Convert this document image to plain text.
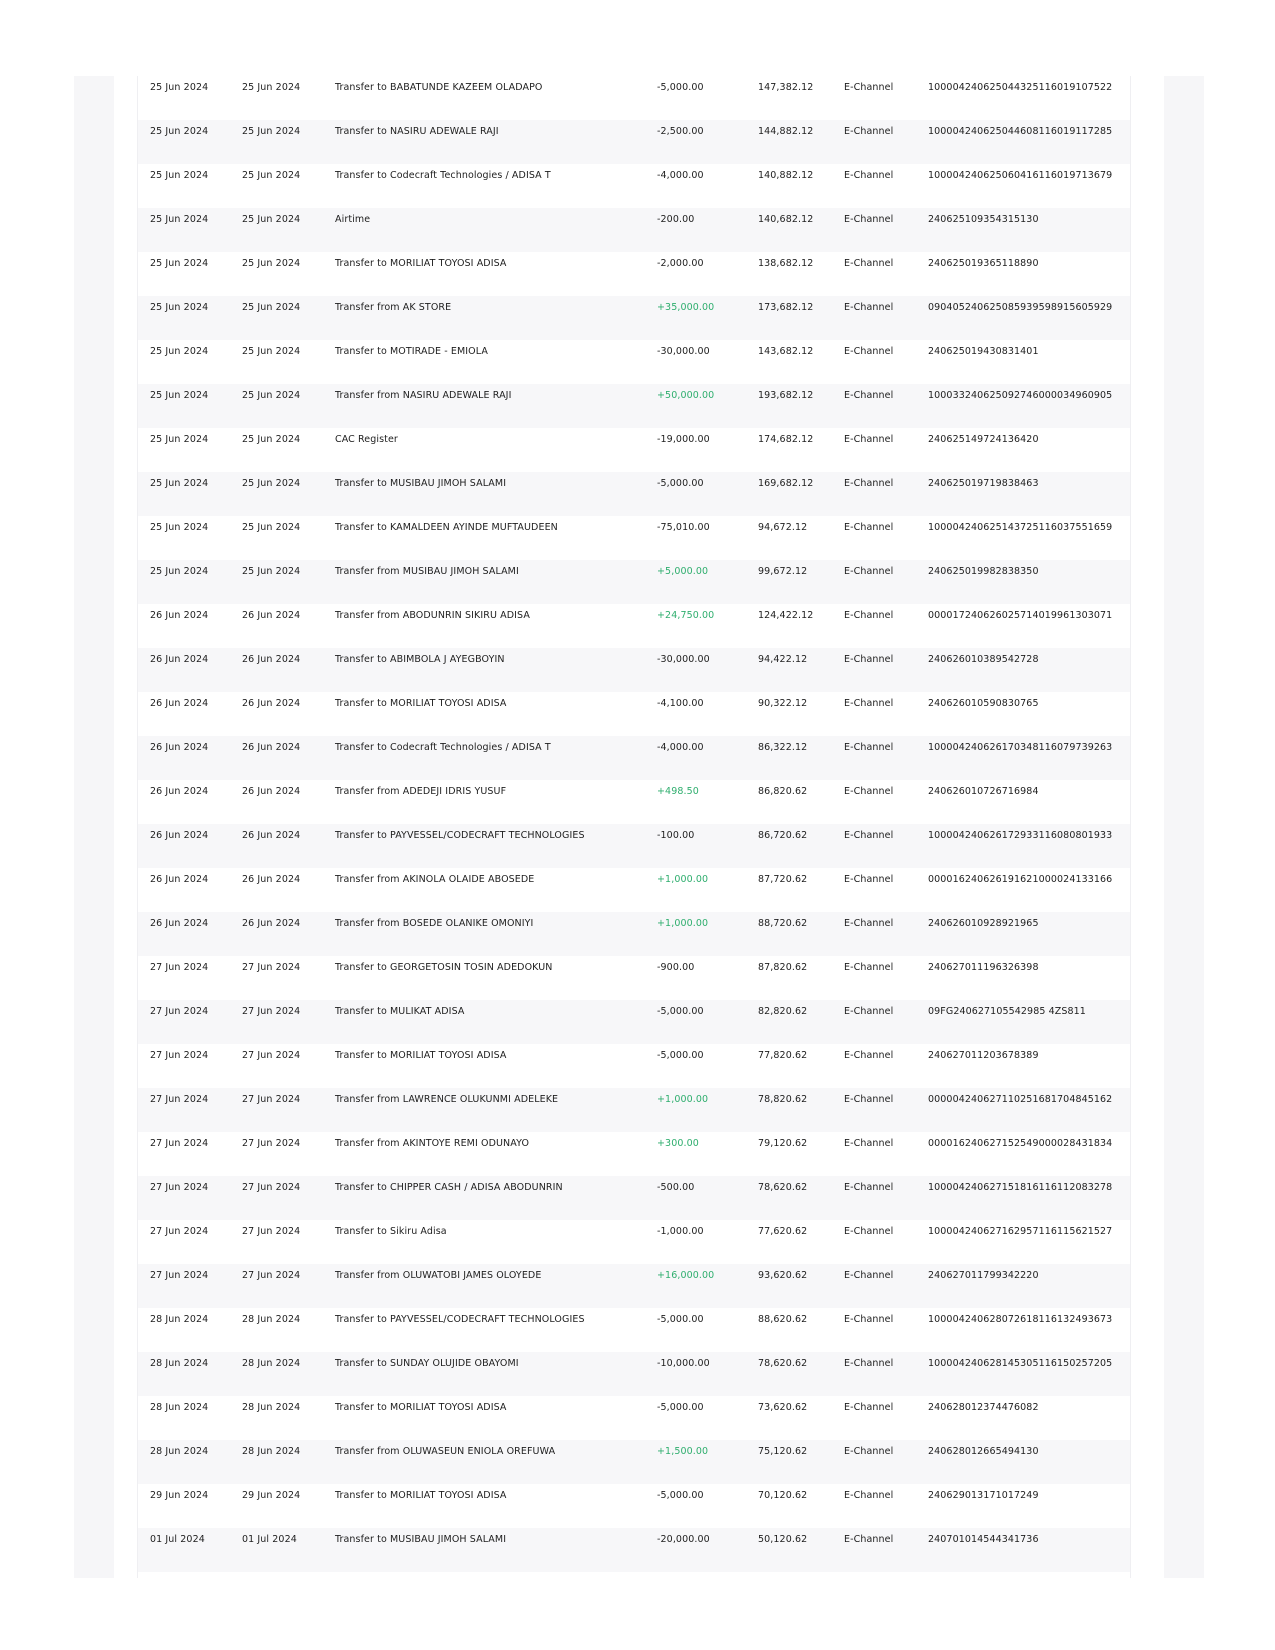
25 Jun 2024	25 Jun 2024	Transfer to BABATUNDE KAZEEM OLADAPO	-5,000.00	147,382.12	E-Channel	100004240625044325116019107522
25 Jun 2024	25 Jun 2024	Transfer to NASIRU ADEWALE RAJI	-2,500.00	144,882.12	E-Channel	100004240625044608116019117285
25 Jun 2024	25 Jun 2024	Transfer to Codecraft Technologies / ADISA T	-4,000.00	140,882.12	E-Channel	100004240625060416116019713679
25 Jun 2024	25 Jun 2024	Airtime	-200.00	140,682.12	E-Channel	240625109354315130
25 Jun 2024	25 Jun 2024	Transfer to MORILIAT TOYOSI ADISA	-2,000.00	138,682.12	E-Channel	240625019365118890
25 Jun 2024	25 Jun 2024	Transfer from AK STORE	+35,000.00	173,682.12	E-Channel	090405240625085939598915605929
25 Jun 2024	25 Jun 2024	Transfer to MOTIRADE - EMIOLA	-30,000.00	143,682.12	E-Channel	240625019430831401
25 Jun 2024	25 Jun 2024	Transfer from NASIRU ADEWALE RAJI	+50,000.00	193,682.12	E-Channel	100033240625092746000034960905
25 Jun 2024	25 Jun 2024	CAC Register	-19,000.00	174,682.12	E-Channel	240625149724136420
25 Jun 2024	25 Jun 2024	Transfer to MUSIBAU JIMOH SALAMI	-5,000.00	169,682.12	E-Channel	240625019719838463
25 Jun 2024	25 Jun 2024	Transfer to KAMALDEEN AYINDE MUFTAUDEEN	-75,010.00	94,672.12	E-Channel	100004240625143725116037551659
25 Jun 2024	25 Jun 2024	Transfer from MUSIBAU JIMOH SALAMI	+5,000.00	99,672.12	E-Channel	240625019982838350
26 Jun 2024	26 Jun 2024	Transfer from ABODUNRIN SIKIRU ADISA	+24,750.00	124,422.12	E-Channel	000017240626025714019961303071
26 Jun 2024	26 Jun 2024	Transfer to ABIMBOLA J AYEGBOYIN	-30,000.00	94,422.12	E-Channel	240626010389542728
26 Jun 2024	26 Jun 2024	Transfer to MORILIAT TOYOSI ADISA	-4,100.00	90,322.12	E-Channel	240626010590830765
26 Jun 2024	26 Jun 2024	Transfer to Codecraft Technologies / ADISA T	-4,000.00	86,322.12	E-Channel	100004240626170348116079739263
26 Jun 2024	26 Jun 2024	Transfer from ADEDEJI IDRIS YUSUF	+498.50	86,820.62	E-Channel	240626010726716984
26 Jun 2024	26 Jun 2024	Transfer to PAYVESSEL/CODECRAFT TECHNOLOGIES	-100.00	86,720.62	E-Channel	100004240626172933116080801933
26 Jun 2024	26 Jun 2024	Transfer from AKINOLA OLAIDE ABOSEDE	+1,000.00	87,720.62	E-Channel	000016240626191621000024133166
26 Jun 2024	26 Jun 2024	Transfer from BOSEDE OLANIKE OMONIYI	+1,000.00	88,720.62	E-Channel	240626010928921965
27 Jun 2024	27 Jun 2024	Transfer to GEORGETOSIN TOSIN ADEDOKUN	-900.00	87,820.62	E-Channel	240627011196326398
27 Jun 2024	27 Jun 2024	Transfer to MULIKAT ADISA	-5,000.00	82,820.62	E-Channel	09FG240627105542985 4ZS811
27 Jun 2024	27 Jun 2024	Transfer to MORILIAT TOYOSI ADISA	-5,000.00	77,820.62	E-Channel	240627011203678389
27 Jun 2024	27 Jun 2024	Transfer from LAWRENCE OLUKUNMI ADELEKE	+1,000.00	78,820.62	E-Channel	000004240627110251681704845162
27 Jun 2024	27 Jun 2024	Transfer from AKINTOYE REMI ODUNAYO	+300.00	79,120.62	E-Channel	000016240627152549000028431834
27 Jun 2024	27 Jun 2024	Transfer to CHIPPER CASH / ADISA ABODUNRIN	-500.00	78,620.62	E-Channel	100004240627151816116112083278
27 Jun 2024	27 Jun 2024	Transfer to Sikiru Adisa	-1,000.00	77,620.62	E-Channel	100004240627162957116115621527
27 Jun 2024	27 Jun 2024	Transfer from OLUWATOBI JAMES OLOYEDE	+16,000.00	93,620.62	E-Channel	240627011799342220
28 Jun 2024	28 Jun 2024	Transfer to PAYVESSEL/CODECRAFT TECHNOLOGIES	-5,000.00	88,620.62	E-Channel	100004240628072618116132493673
28 Jun 2024	28 Jun 2024	Transfer to SUNDAY OLUJIDE OBAYOMI	-10,000.00	78,620.62	E-Channel	100004240628145305116150257205
28 Jun 2024	28 Jun 2024	Transfer to MORILIAT TOYOSI ADISA	-5,000.00	73,620.62	E-Channel	240628012374476082
28 Jun 2024	28 Jun 2024	Transfer from OLUWASEUN ENIOLA OREFUWA	+1,500.00	75,120.62	E-Channel	240628012665494130
29 Jun 2024	29 Jun 2024	Transfer to MORILIAT TOYOSI ADISA	-5,000.00	70,120.62	E-Channel	240629013171017249
01 Jul 2024	01 Jul 2024	Transfer to MUSIBAU JIMOH SALAMI	-20,000.00	50,120.62	E-Channel	240701014544341736
